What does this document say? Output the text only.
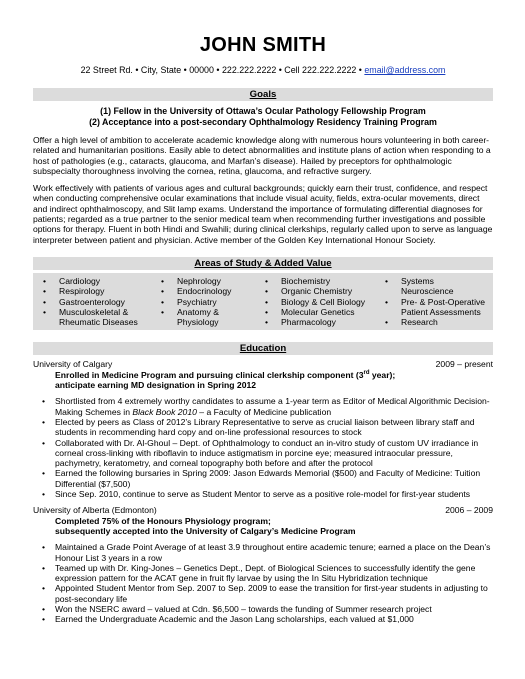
JOHN SMITH
22 Street Rd. • City, State • 00000 • 222.222.2222 • Cell 222.222.2222 • email@address.com
Goals
(1) Fellow in the University of Ottawa’s Ocular Pathology Fellowship Program
(2) Acceptance into a post-secondary Ophthalmology Residency Training Program

Offer a high level of ambition to accelerate academic knowledge along with numerous hours volunteering in both career-related and humanitarian positions. Easily able to detect abnormalities and institute plans of action when responding to a host of pathologies (e.g., cataracts, glaucoma, and Marfan’s disease). Hailed by preceptors for ophthalmologic subspecialty thoroughness involving the cornea, retina, glaucoma, and refractive surgery.

Work effectively with patients of various ages and cultural backgrounds; quickly earn their trust, confidence, and respect when conducting comprehensive ocular examinations that include visual acuity, fields, extra-ocular movements, direct and indirect ophthalmoscopy, and Slit lamp exams. Understand the importance of formulating differential diagnoses for patients; regarded as a true partner to the senior medical team when recommending further investigations and possible options for therapy. Fluent in both Hindi and Swahili; during clinical clerkships, regularly called upon to serve as language interpreter between patient and physician. Active member of the Golden Key International Honour Society.

Areas of Study & Added Value
• Cardiology
• Respirology
• Gastroenterology
• Musculoskeletal &
Rheumatic Diseases
• Nephrology
• Endocrinology
• Psychiatry
• Anatomy &
Physiology
• Biochemistry
• Organic Chemistry
• Biology & Cell Biology
• Molecular Genetics
• Pharmacology
• Systems
Neuroscience
• Pre- & Post-Operative
Patient Assessments
• Research
Education
University of Calgary	2009 – present
Enrolled in Medicine Program and pursuing clinical clerkship component (3rd year);
anticipate earning MD designation in Spring 2012
• Shortlisted from 4 extremely worthy candidates to assume a 1-year term as Editor of Medical Algorithmic Decision-Making Schemes in Black Book 2010 – a Faculty of Medicine publication
• Elected by peers as Class of 2012’s Library Representative to serve as crucial liaison between library staff and students in recommending hard copy and on-line professional resources to stock
• Collaborated with Dr. Al-Ghoul – Dept. of Ophthalmology to conduct an in-vitro study of custom UV irradiance in corneal cross-linking with riboflavin to induce astigmatism in porcine eye; measured intraocular pressure, pachymetry, keratometry, and corneal topography both before and after the protocol
• Earned the following bursaries in Spring 2009: Jason Edwards Memorial ($500) and Faculty of Medicine: Tuition Differential ($7,500)
• Since Sep. 2010, continue to serve as Student Mentor to serve as a positive role-model for first-year students
University of Alberta (Edmonton)	2006 – 2009
Completed 75% of the Honours Physiology program;
subsequently accepted into the University of Calgary’s Medicine Program
• Maintained a Grade Point Average of at least 3.9 throughout entire academic tenure; earned a place on the Dean’s Honour List 3 years in a row
• Teamed up with Dr. King-Jones – Genetics Dept., Dept. of Biological Sciences to successfully identify the gene expression pattern for the ACAT gene in fruit fly larvae by using the In Situ Hybridization technique
• Appointed Student Mentor from Sep. 2007 to Sep. 2009 to ease the transition for first-year students in adjusting to post-secondary life
• Won the NSERC award – valued at Cdn. $6,500 – towards the funding of Summer research project
• Earned the Undergraduate Academic and the Jason Lang scholarships, each valued at $1,000
